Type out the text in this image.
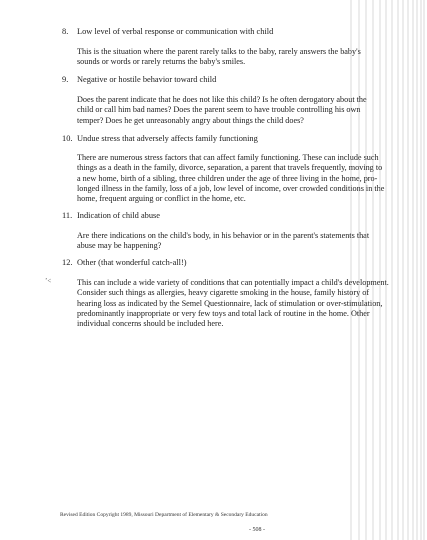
8. Low level of verbal response or communication with child

This is the situation where the parent rarely talks to the baby, rarely answers the baby's

sounds or words or rarely returns the baby's smiles.

9. Negative or hostile behavior toward child

Does the parent indicate that he does not like this child? Is he often derogatory about the

child or call him bad names? Does the parent seem to have trouble controlling his own

temper? Does he get unreasonably angry about things the child does?

10. Undue stress that adversely affects family functioning

There are numerous stress factors that can affect family functioning. These can include such

things as a death in the family, divorce, separation, a parent that travels frequently, moving to

a new home, birth of a sibling, three children under the age of three living in the home, pro-

longed illness in the family, loss of a job, low level of income, over crowded conditions in the

home, frequent arguing or conflict in the home, etc.

11. Indication of child abuse

Are there indications on the child's body, in his behavior or in the parent's statements that

abuse may be happening?

ʼ<
12. Other (that wonderful catch-all!)

This can include a wide variety of conditions that can potentially impact a child's development.

Consider such things as allergies, heavy cigarette smoking in the house, family history of

hearing loss as indicated by the Semel Questionnaire, lack of stimulation or over-stimulation,

predominantly inappropriate or very few toys and total lack of routine in the home. Other

individual concerns should be included here.

Revised Edition Copyright 1989, Missouri Department of Elementary & Secondary Education
- 508 -
